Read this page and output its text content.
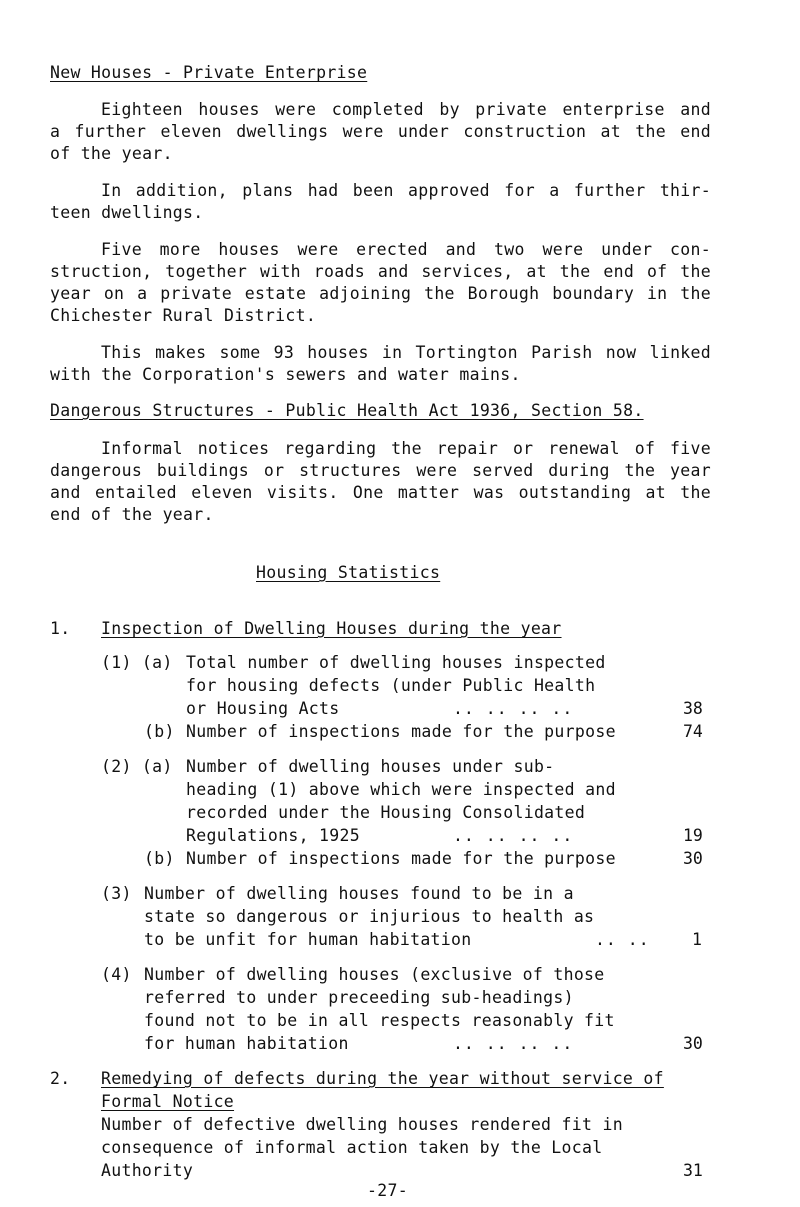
New Houses - Private Enterprise
Eighteen houses were completed by private enterprise and
a further eleven dwellings were under construction at the end
of the year.
In addition, plans had been approved for a further thir-
teen dwellings.
Five more houses were erected and two were under con-
struction, together with roads and services, at the end of the
year on a private estate adjoining the Borough boundary in the
Chichester Rural District.
This makes some 93 houses in Tortington Parish now linked
with the Corporation's sewers and water mains.
Dangerous Structures - Public Health Act 1936, Section 58.
Informal notices regarding the repair or renewal of five
dangerous buildings or structures were served during the year
and entailed eleven visits. One matter was outstanding at the
end of the year.
Housing Statistics
1. Inspection of Dwelling Houses during the year
(1) (a) Total number of dwelling houses inspected
for housing defects (under Public Health
or Housing Acts	.. .. .. ..	38
(b) Number of inspections made for the purpose	74
(2) (a) Number of dwelling houses under sub-
heading (1) above which were inspected and
recorded under the Housing Consolidated
Regulations, 1925	.. .. .. ..	19
(b) Number of inspections made for the purpose	30
(3) Number of dwelling houses found to be in a
state so dangerous or injurious to health as
to be unfit for human habitation	.. ..	1
(4) Number of dwelling houses (exclusive of those
referred to under preceeding sub-headings)
found not to be in all respects reasonably fit
for human habitation	.. .. .. ..	30
2. Remedying of defects during the year without service of
Formal Notice
Number of defective dwelling houses rendered fit in
consequence of informal action taken by the Local
Authority	31
-27-
